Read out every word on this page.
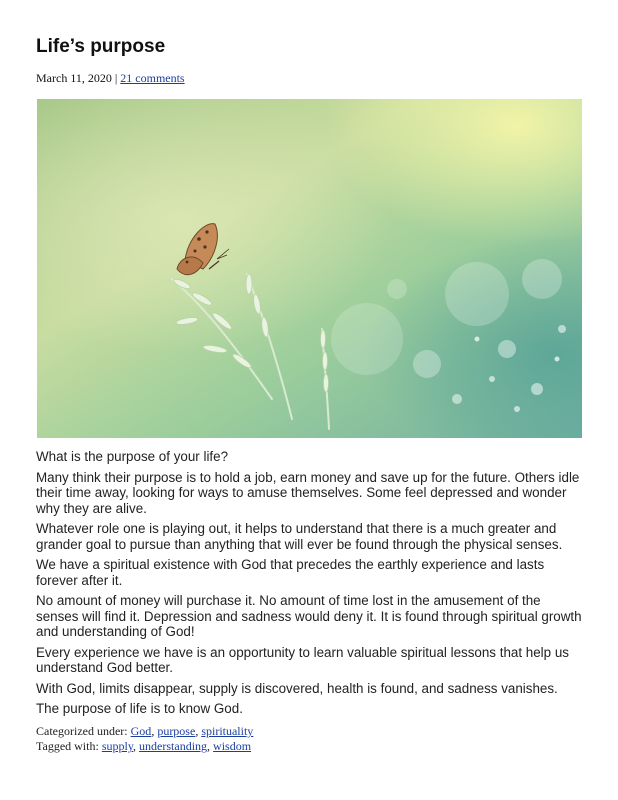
Life’s purpose
March 11, 2020 | 21 comments

What is the purpose of your life?

Many think their purpose is to hold a job, earn money and save up for the future. Others idle their time away, looking for ways to amuse themselves. Some feel depressed and wonder why they are alive.

Whatever role one is playing out, it helps to understand that there is a much greater and grander goal to pursue than anything that will ever be found through the physical senses.

We have a spiritual existence with God that precedes the earthly experience and lasts forever after it.

No amount of money will purchase it. No amount of time lost in the amusement of the senses will find it. Depression and sadness would deny it. It is found through spiritual growth and understanding of God!

Every experience we have is an opportunity to learn valuable spiritual lessons that help us understand God better.

With God, limits disappear, supply is discovered, health is found, and sadness vanishes.

The purpose of life is to know God.

Categorized under: God, purpose, spirituality
Tagged with: supply, understanding, wisdom
